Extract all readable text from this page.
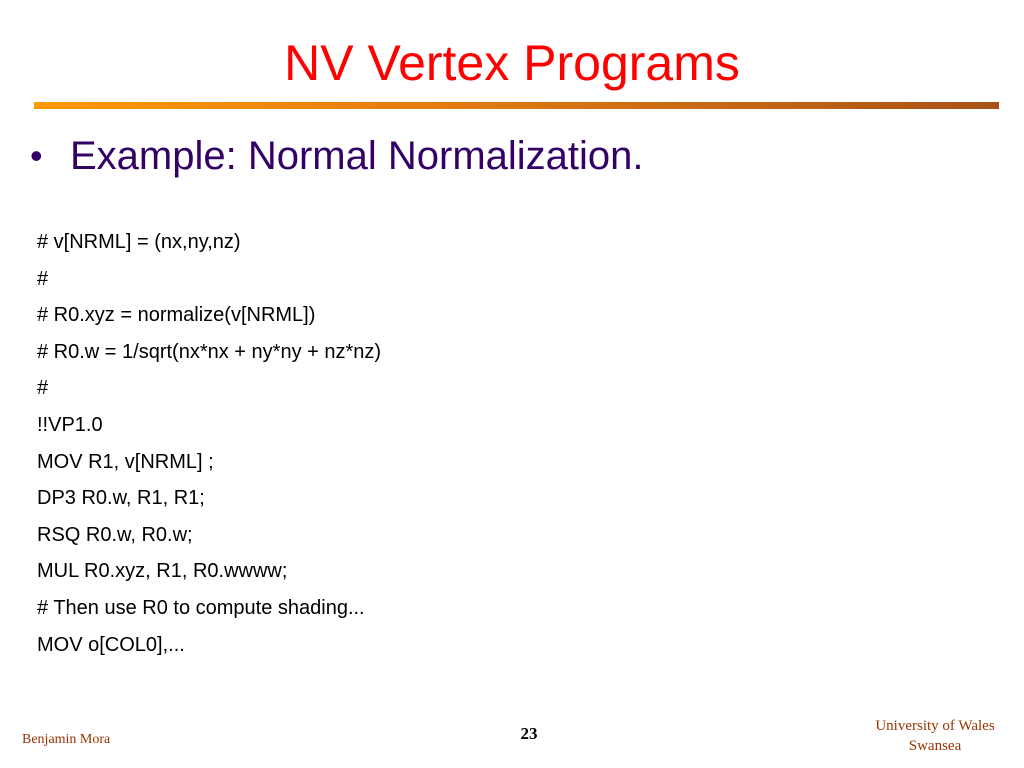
NV Vertex Programs
• Example: Normal Normalization.
# v[NRML] = (nx,ny,nz)
#
# R0.xyz = normalize(v[NRML])
# R0.w = 1/sqrt(nx*nx + ny*ny + nz*nz)
#
!!VP1.0
MOV R1, v[NRML] ;
DP3 R0.w, R1, R1;
RSQ R0.w, R0.w;
MUL R0.xyz, R1, R0.wwww;
# Then use R0 to compute shading...
MOV o[COL0],...
Benjamin Mora	23	University of Wales
Swansea
